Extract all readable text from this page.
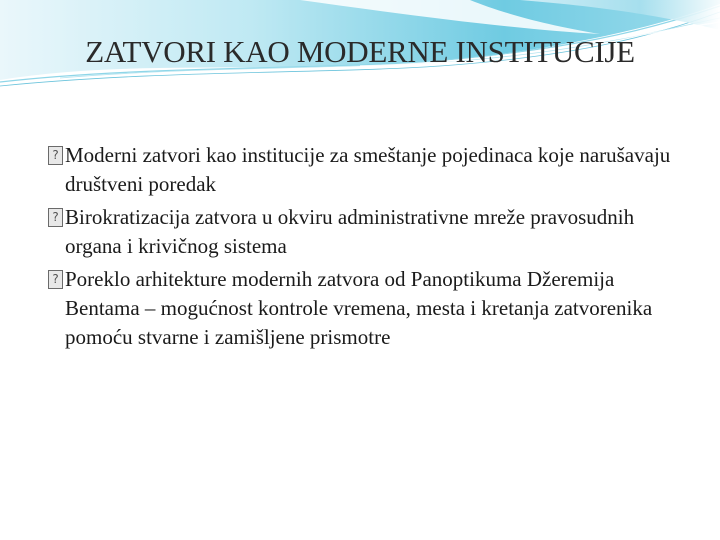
ZATVORI KAO MODERNE INSTITUCIJE
? Moderni zatvori kao institucije za smeštanje pojedinaca koje narušavaju društveni poredak
? Birokratizacija zatvora u okviru administrativne mreže pravosudnih organa i krivičnog sistema
? Poreklo arhitekture modernih zatvora od Panoptikuma Džeremija Bentama – mogućnost kontrole vremena, mesta i kretanja zatvorenika pomoću stvarne i zamišljene prismotre
